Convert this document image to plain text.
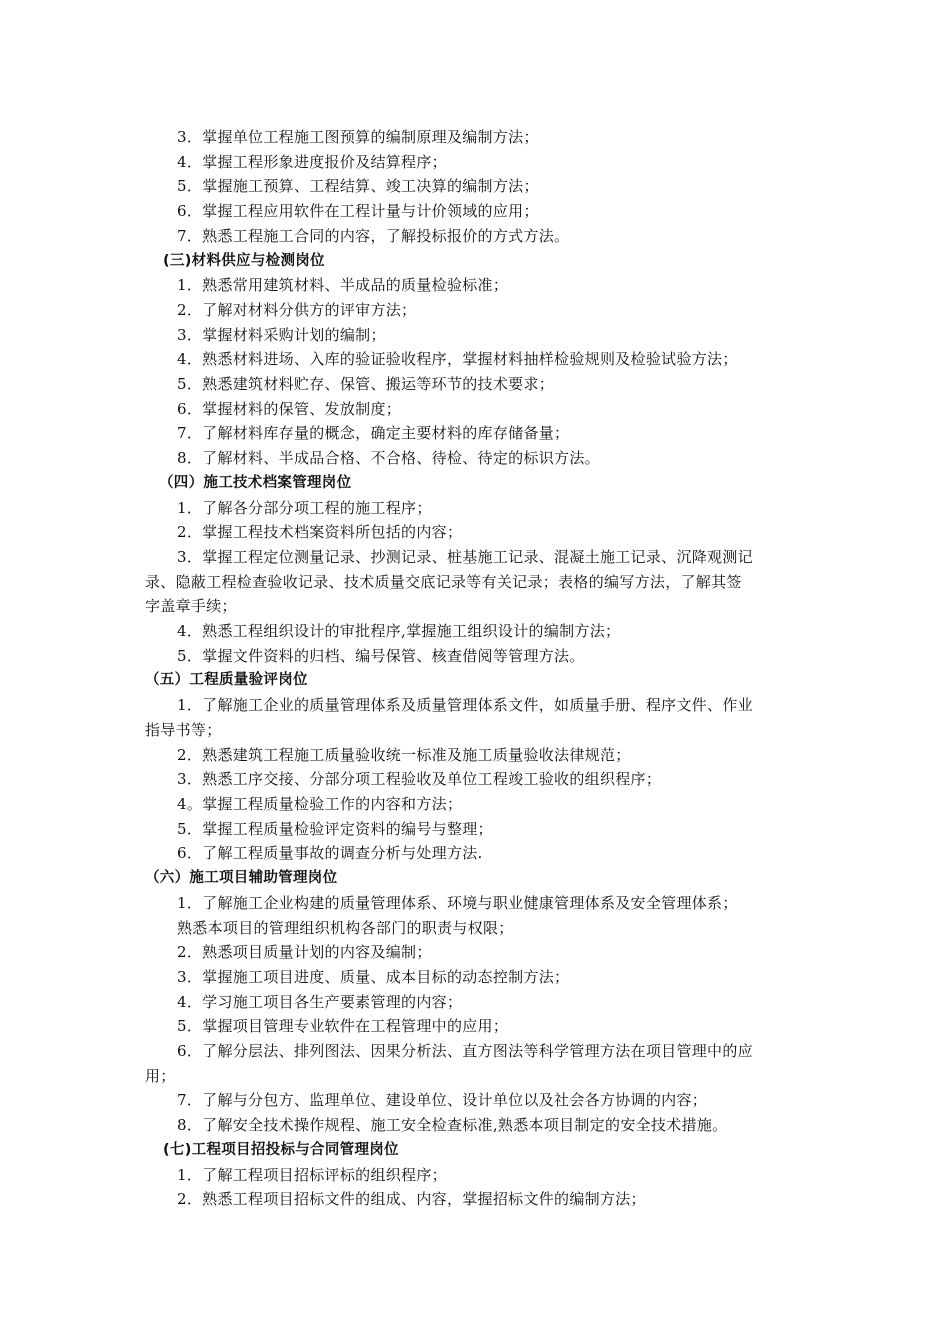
3．掌握单位工程施工图预算的编制原理及编制方法；
4．掌握工程形象进度报价及结算程序；
5．掌握施工预算、工程结算、竣工决算的编制方法；
6．掌握工程应用软件在工程计量与计价领域的应用；
7．熟悉工程施工合同的内容，了解投标报价的方式方法。
(三)材料供应与检测岗位
1．熟悉常用建筑材料、半成品的质量检验标准；
2．了解对材料分供方的评审方法；
3．掌握材料采购计划的编制；
4．熟悉材料进场、入库的验证验收程序，掌握材料抽样检验规则及检验试验方法；
5．熟悉建筑材料贮存、保管、搬运等环节的技术要求；
6．掌握材料的保管、发放制度；
7．了解材料库存量的概念，确定主要材料的库存储备量；
8．了解材料、半成品合格、不合格、待检、待定的标识方法。
（四）施工技术档案管理岗位
1．了解各分部分项工程的施工程序；
2．掌握工程技术档案资料所包括的内容；
3．掌握工程定位测量记录、抄测记录、桩基施工记录、混凝土施工记录、沉降观测记
录、隐蔽工程检查验收记录、技术质量交底记录等有关记录；表格的编写方法，了解其签
字盖章手续；
4．熟悉工程组织设计的审批程序,掌握施工组织设计的编制方法；
5．掌握文件资料的归档、编号保管、核查借阅等管理方法。
（五）工程质量验评岗位
1．了解施工企业的质量管理体系及质量管理体系文件，如质量手册、程序文件、作业
指导书等；
2．熟悉建筑工程施工质量验收统一标准及施工质量验收法律规范；
3．熟悉工序交接、分部分项工程验收及单位工程竣工验收的组织程序；
4。掌握工程质量检验工作的内容和方法；
5．掌握工程质量检验评定资料的编号与整理；
6．了解工程质量事故的调查分析与处理方法.
（六）施工项目辅助管理岗位
1．了解施工企业构建的质量管理体系、环境与职业健康管理体系及安全管理体系；
熟悉本项目的管理组织机构各部门的职责与权限；
2．熟悉项目质量计划的内容及编制；
3．掌握施工项目进度、质量、成本目标的动态控制方法；
4．学习施工项目各生产要素管理的内容；
5．掌握项目管理专业软件在工程管理中的应用；
6．了解分层法、排列图法、因果分析法、直方图法等科学管理方法在项目管理中的应
用；
7．了解与分包方、监理单位、建设单位、设计单位以及社会各方协调的内容；
8．了解安全技术操作规程、施工安全检查标准,熟悉本项目制定的安全技术措施。
(七)工程项目招投标与合同管理岗位
1．了解工程项目招标评标的组织程序；
2．熟悉工程项目招标文件的组成、内容，掌握招标文件的编制方法；
